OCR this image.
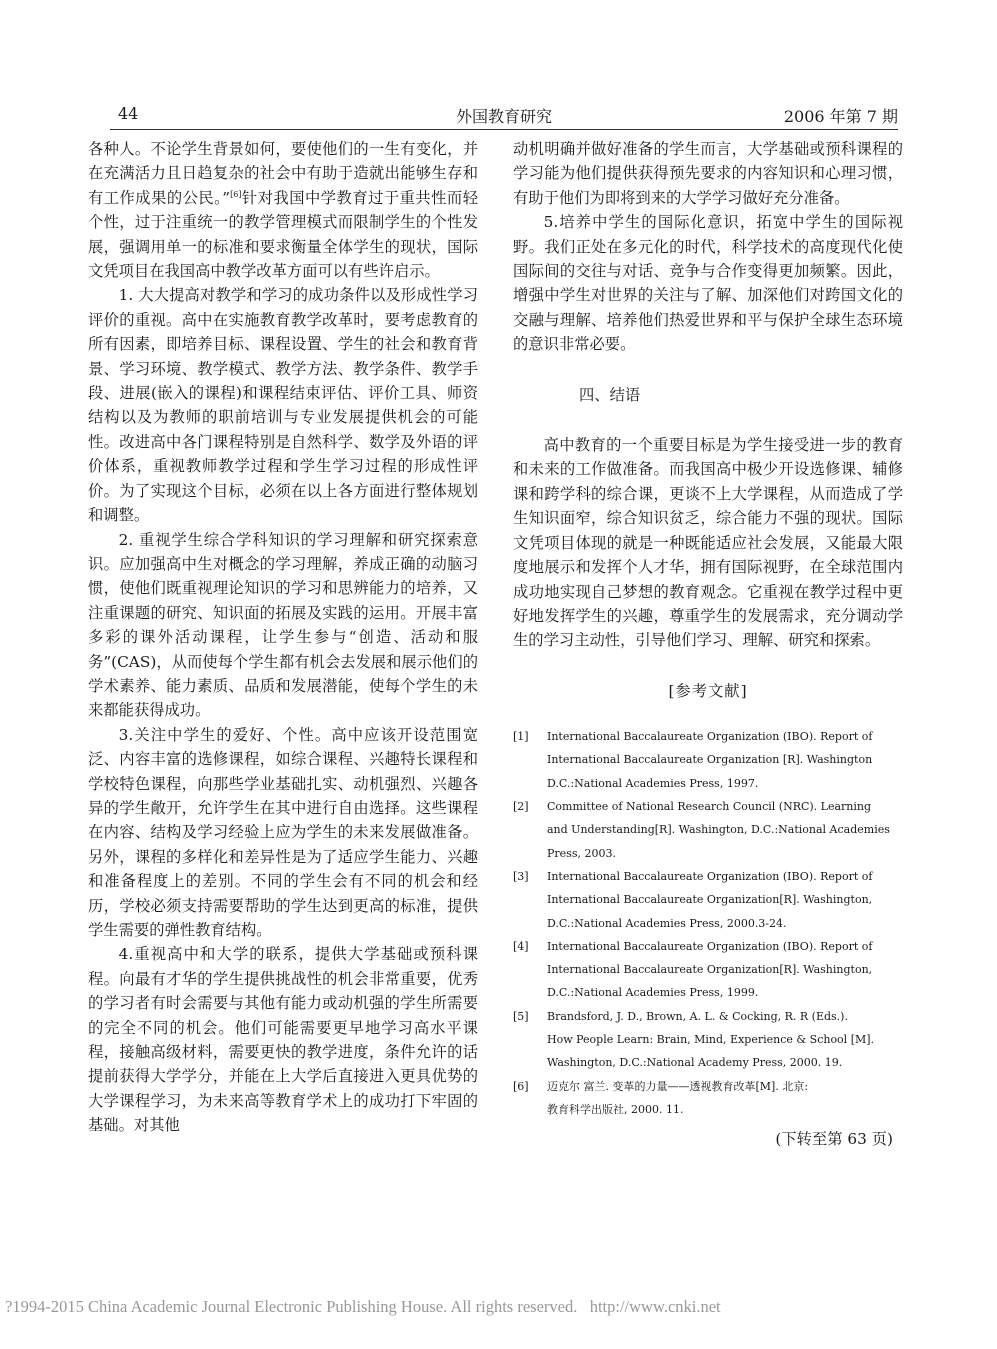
44	外国教育研究	2006 年第 7 期

各种人。不论学生背景如何，要使他们的一生有变化，并在充满活力且日趋复杂的社会中有助于造就出能够生存和有工作成果的公民。”[6]针对我国中学教育过于重共性而轻个性，过于注重统一的教学管理模式而限制学生的个性发展，强调用单一的标准和要求衡量全体学生的现状，国际文凭项目在我国高中教学改革方面可以有些许启示。

1. 大大提高对教学和学习的成功条件以及形成性学习评价的重视。高中在实施教育教学改革时，要考虑教育的所有因素，即培养目标、课程设置、学生的社会和教育背景、学习环境、教学模式、教学方法、教学条件、教学手段、进展(嵌入的课程)和课程结束评估、评价工具、师资结构以及为教师的职前培训与专业发展提供机会的可能性。改进高中各门课程特别是自然科学、数学及外语的评价体系，重视教师教学过程和学生学习过程的形成性评价。为了实现这个目标，必须在以上各方面进行整体规划和调整。

2. 重视学生综合学科知识的学习理解和研究探索意识。应加强高中生对概念的学习理解，养成正确的动脑习惯，使他们既重视理论知识的学习和思辨能力的培养，又注重课题的研究、知识面的拓展及实践的运用。开展丰富多彩的课外活动课程，让学生参与“创造、活动和服务”(CAS)，从而使每个学生都有机会去发展和展示他们的学术素养、能力素质、品质和发展潜能，使每个学生的未来都能获得成功。

3.关注中学生的爱好、个性。高中应该开设范围宽泛、内容丰富的选修课程，如综合课程、兴趣特长课程和学校特色课程，向那些学业基础扎实、动机强烈、兴趣各异的学生敞开，允许学生在其中进行自由选择。这些课程在内容、结构及学习经验上应为学生的未来发展做准备。另外，课程的多样化和差异性是为了适应学生能力、兴趣和准备程度上的差别。不同的学生会有不同的机会和经历，学校必须支持需要帮助的学生达到更高的标准，提供学生需要的弹性教育结构。

4.重视高中和大学的联系，提供大学基础或预科课程。向最有才华的学生提供挑战性的机会非常重要，优秀的学习者有时会需要与其他有能力或动机强的学生所需要的完全不同的机会。他们可能需要更早地学习高水平课程，接触高级材料，需要更快的教学进度，条件允许的话提前获得大学学分，并能在上大学后直接进入更具优势的大学课程学习，为未来高等教育学术上的成功打下牢固的基础。对其他

动机明确并做好准备的学生而言，大学基础或预科课程的学习能为他们提供获得预先要求的内容知识和心理习惯，有助于他们为即将到来的大学学习做好充分准备。

5.培养中学生的国际化意识，拓宽中学生的国际视野。我们正处在多元化的时代，科学技术的高度现代化使国际间的交往与对话、竞争与合作变得更加频繁。因此，增强中学生对世界的关注与了解、加深他们对跨国文化的交融与理解、培养他们热爱世界和平与保护全球生态环境的意识非常必要。

四、结语

高中教育的一个重要目标是为学生接受进一步的教育和未来的工作做准备。而我国高中极少开设选修课、辅修课和跨学科的综合课，更谈不上大学课程，从而造成了学生知识面窄，综合知识贫乏，综合能力不强的现状。国际文凭项目体现的就是一种既能适应社会发展，又能最大限度地展示和发挥个人才华，拥有国际视野，在全球范围内成功地实现自己梦想的教育观念。它重视在教学过程中更好地发挥学生的兴趣，尊重学生的发展需求，充分调动学生的学习主动性，引导他们学习、理解、研究和探索。

[参考文献]

[1]	International Baccalaureate Organization (IBO). Report of
International Baccalaureate Organization [R]. Washington
D.C.:National Academies Press, 1997.
[2]	Committee of National Research Council (NRC). Learning
and Understanding[R]. Washington, D.C.:National Academies
Press, 2003.
[3]	International Baccalaureate Organization (IBO). Report of
International Baccalaureate Organization[R]. Washington,
D.C.:National Academies Press, 2000.3-24.
[4]	International Baccalaureate Organization (IBO). Report of
International Baccalaureate Organization[R]. Washington,
D.C.:National Academies Press, 1999.
[5]	Brandsford, J. D., Brown, A. L. & Cocking, R. R (Eds.).
How People Learn: Brain, Mind, Experience & School [M].
Washington, D.C.:National Academy Press, 2000. 19.
[6]	迈克尔 富兰. 变革的力量——透视教育改革[M]. 北京:
教育科学出版社, 2000. 11.

(下转至第 63 页)

?1994-2015 China Academic Journal Electronic Publishing House. All rights reserved. http://www.cnki.net
